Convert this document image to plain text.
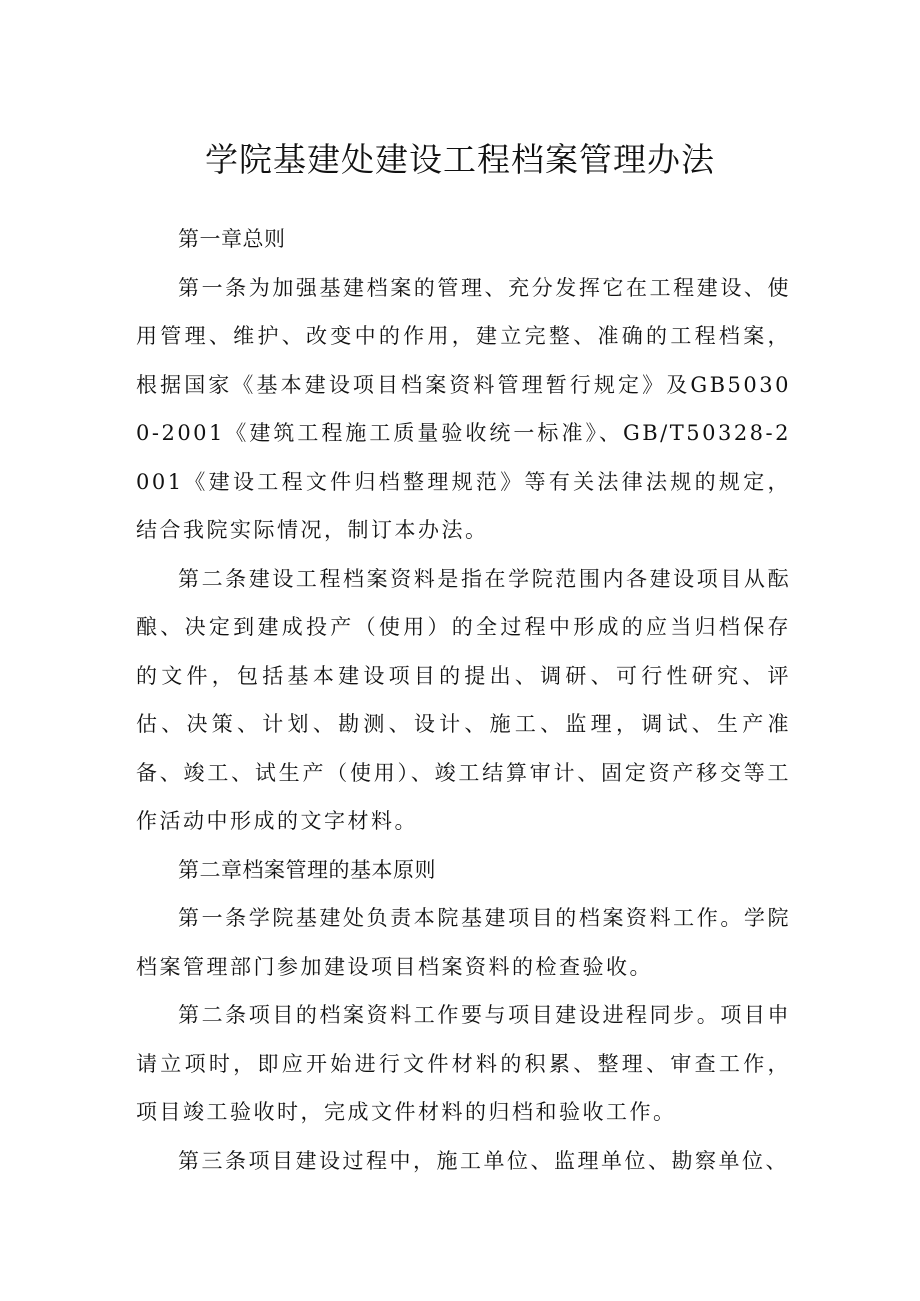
学院基建处建设工程档案管理办法

第一章总则

第一条为加强基建档案的管理、充分发挥它在工程建设、使用管理、维护、改变中的作用，建立完整、准确的工程档案，根据国家《基本建设项目档案资料管理暂行规定》及GB50300-2001《建筑工程施工质量验收统一标准》、GB/T50328-2001《建设工程文件归档整理规范》等有关法律法规的规定，结合我院实际情况，制订本办法。

第二条建设工程档案资料是指在学院范围内各建设项目从酝酿、决定到建成投产（使用）的全过程中形成的应当归档保存的文件，包括基本建设项目的提出、调研、可行性研究、评估、决策、计划、勘测、设计、施工、监理，调试、生产准备、竣工、试生产（使用）、竣工结算审计、固定资产移交等工作活动中形成的文字材料。

第二章档案管理的基本原则

第一条学院基建处负责本院基建项目的档案资料工作。学院档案管理部门参加建设项目档案资料的检查验收。

第二条项目的档案资料工作要与项目建设进程同步。项目申请立项时，即应开始进行文件材料的积累、整理、审查工作，项目竣工验收时，完成文件材料的归档和验收工作。

第三条项目建设过程中，施工单位、监理单位、勘察单位、
